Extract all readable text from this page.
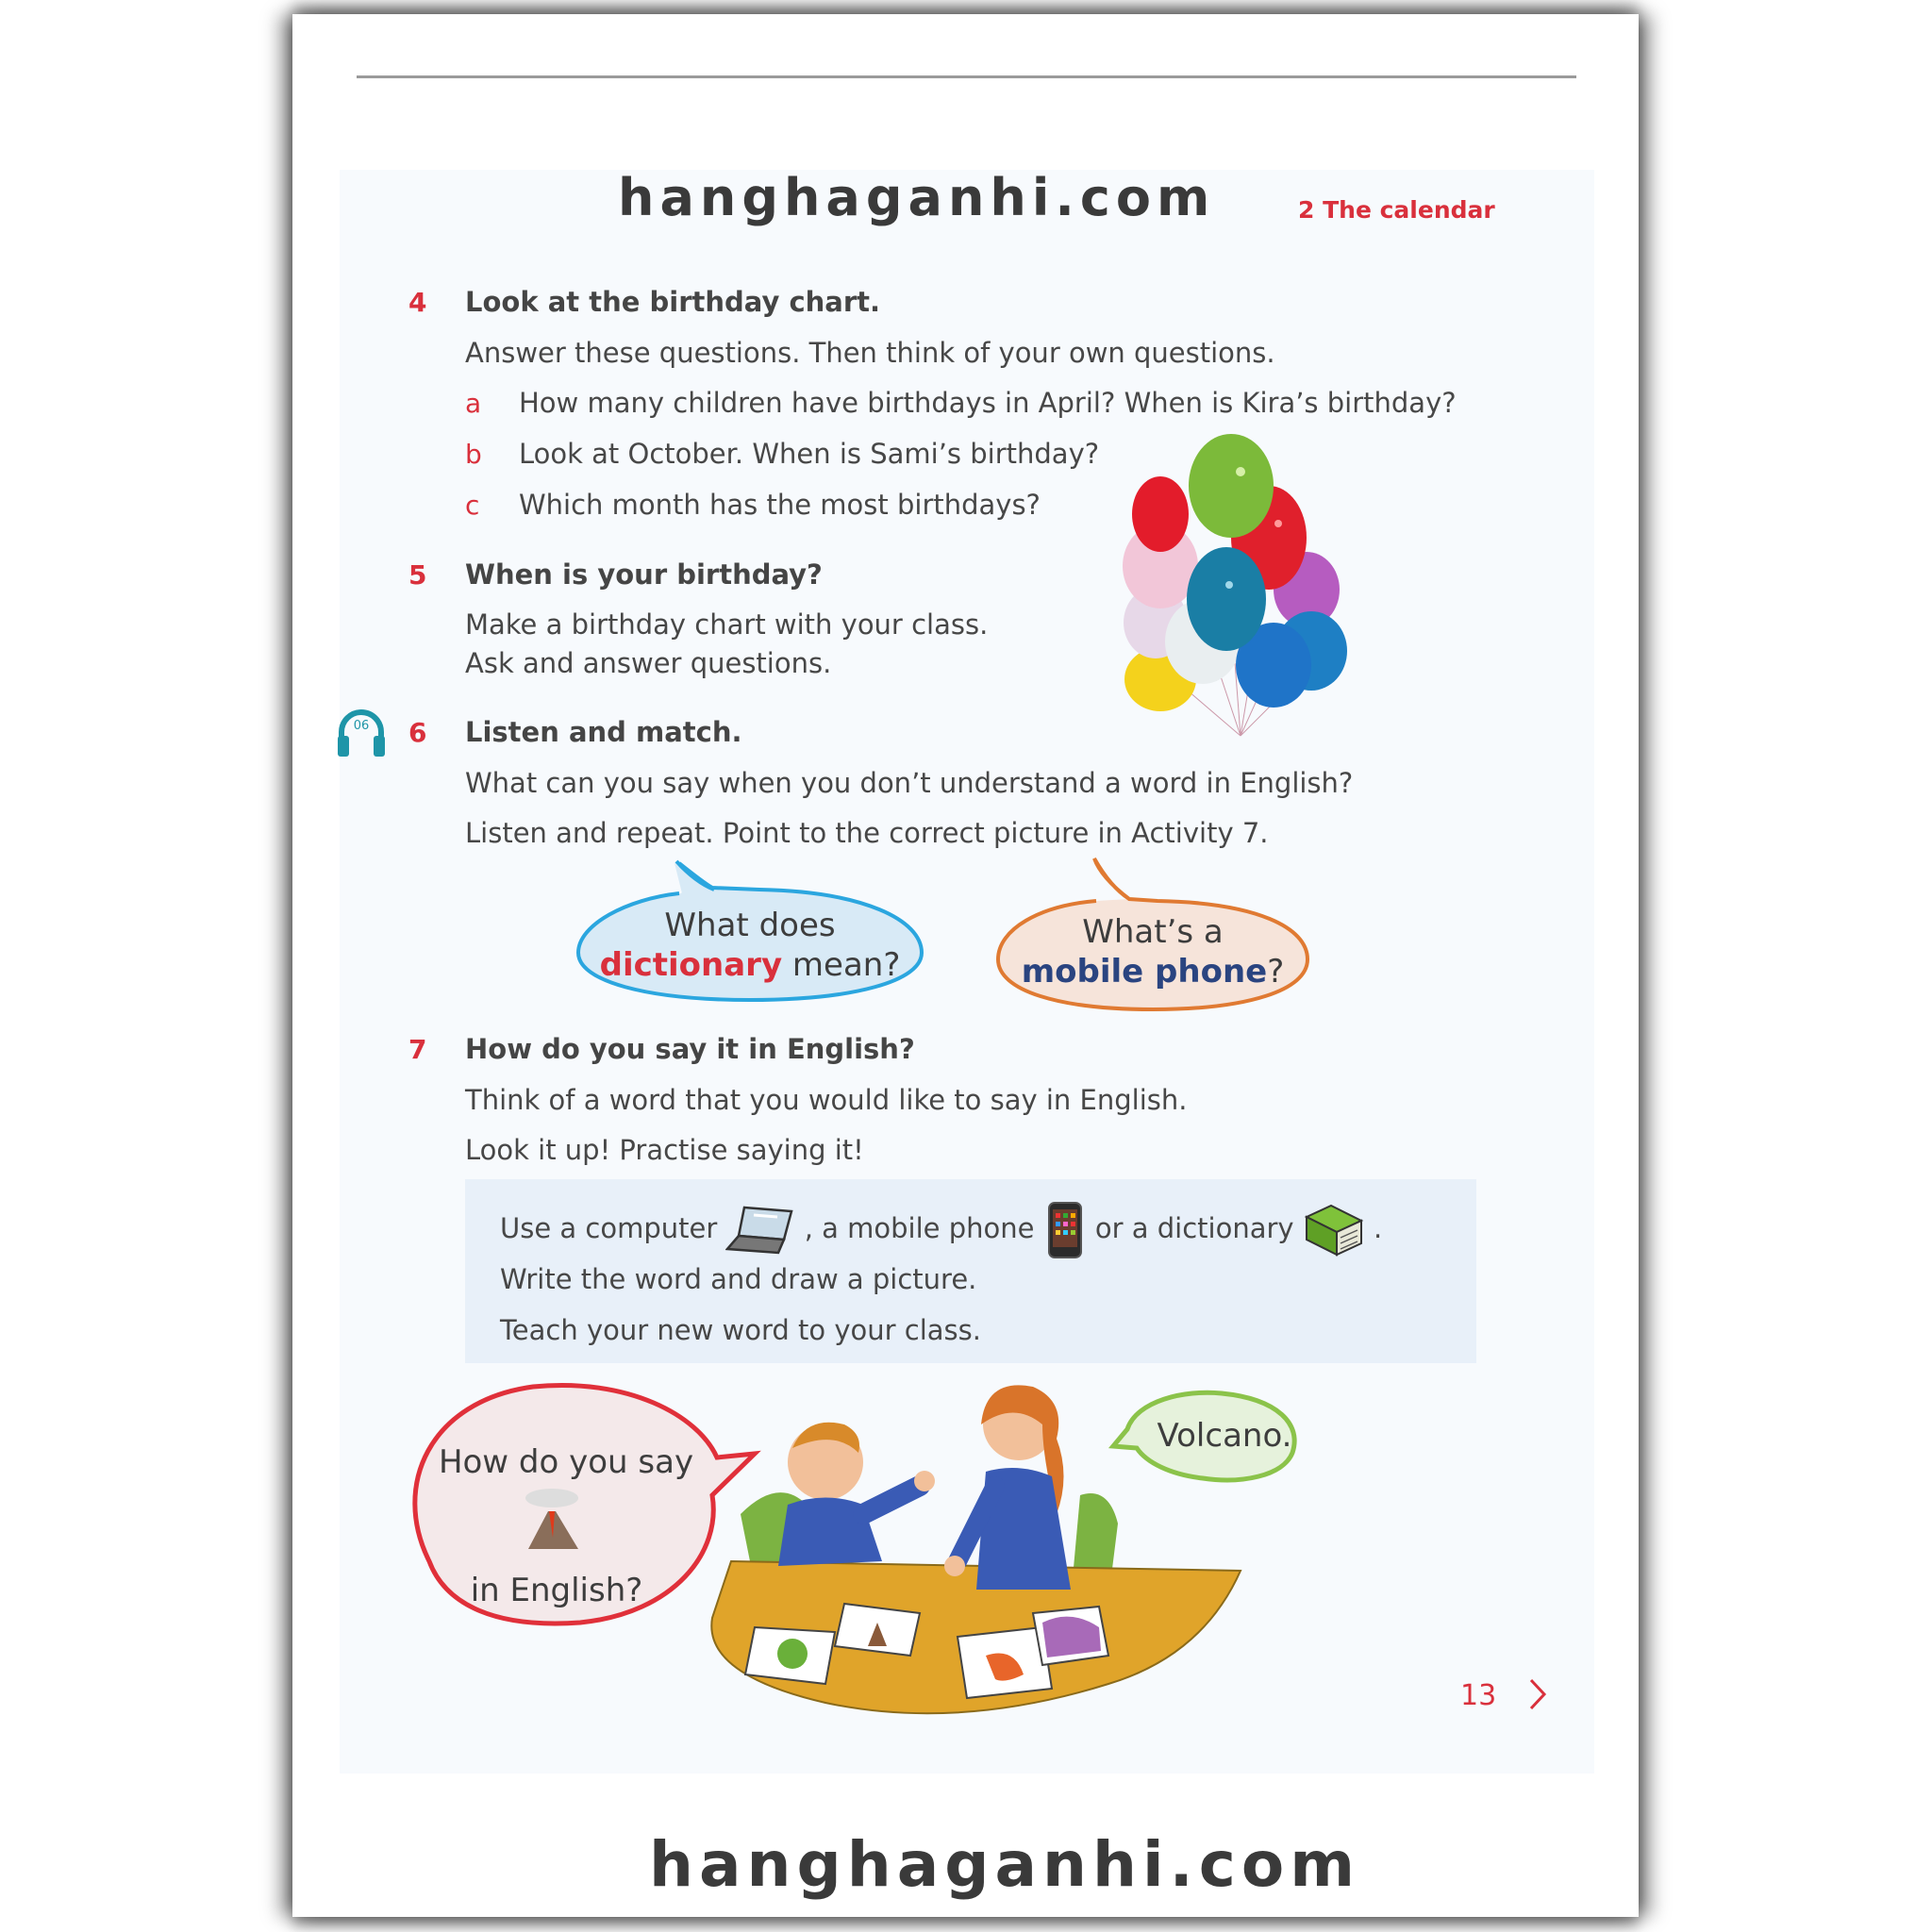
hanghaganhi.com	2 The calendar
4 Look at the birthday chart.
Answer these questions. Then think of your own questions.
a How many children have birthdays in April? When is Kira’s birthday?
b Look at October. When is Sami’s birthday?
c Which month has the most birthdays?
5 When is your birthday?
Make a birthday chart with your class.
Ask and answer questions.
06 6 Listen and match.
What can you say when you don’t understand a word in English?
Listen and repeat. Point to the correct picture in Activity 7.
What does
dictionary mean?
What’s a
mobile phone?
7 How do you say it in English?
Think of a word that you would like to say in English.
Look it up! Practise saying it!
Use a computer	, a mobile phone or a dictionary	.
Write the word and draw a picture.
Teach your new word to your class.
How do you say
in English?
Volcano.
13
hanghaganhi.com
